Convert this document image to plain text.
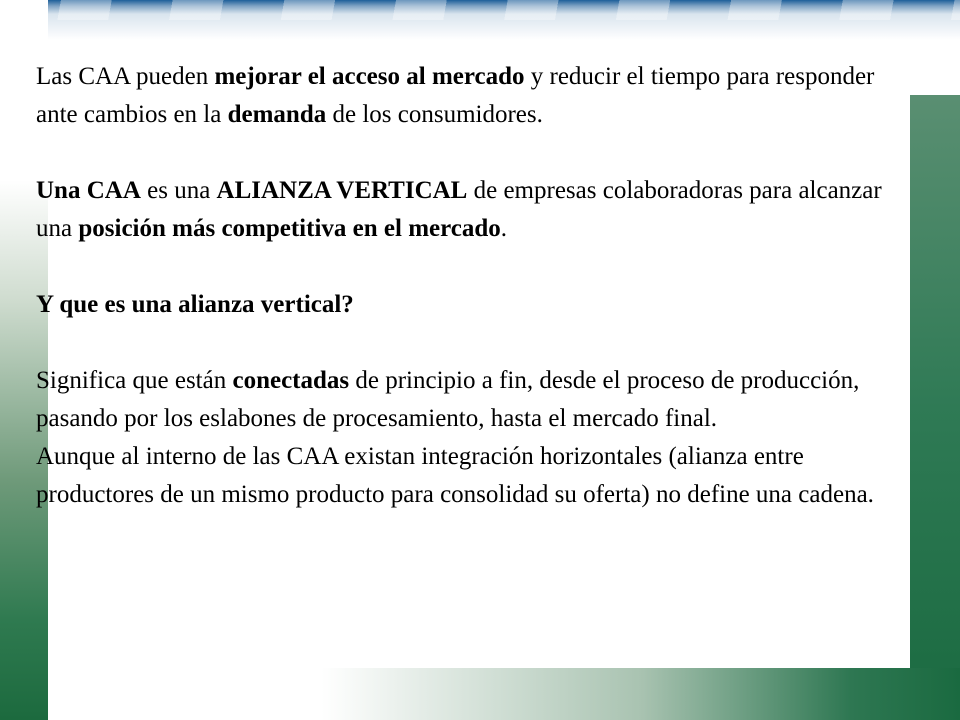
Las CAA pueden mejorar el acceso al mercado y reducir el tiempo para responder ante cambios en la demanda de los consumidores.

Una CAA es una ALIANZA VERTICAL de empresas colaboradoras para alcanzar una posición más competitiva en el mercado.

Y que es una alianza vertical?

Significa que están conectadas de principio a fin, desde el proceso de producción, pasando por los eslabones de procesamiento, hasta el mercado final.

Aunque al interno de las CAA existan integración horizontales (alianza entre productores de un mismo producto para consolidad su oferta) no define una cadena.
